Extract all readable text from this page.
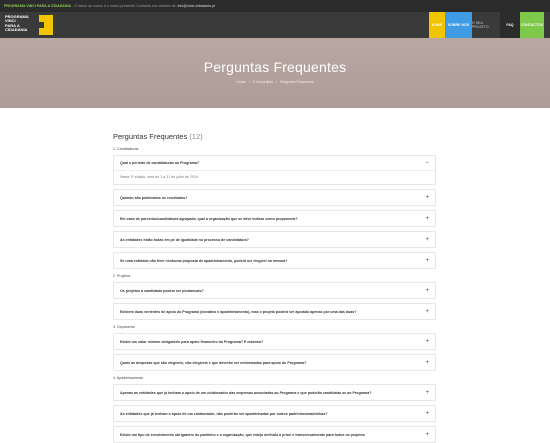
PROGRAMA VINCI PARA A CIDADANIA - O futuro do nosso é o nosso presente! Contacte-nos através de: info@vinci-cidadania.pt
PROGRAMA
VINCI
PARA A
CIDADANIA
HOME	SOBRE NÓS O SEU PROJETO	FAQ	CONTACTOS
Perguntas Frequentes
Home › O seu projeto › Perguntas Frequentes
Perguntas Frequentes (12)
1. Candidaturas
Qual o período de candidaturas ao Programa?	−
Nesta 1ª edição, será de 1 a 31 de julho de 2019.
Quando são publicados os resultados?	+
Em caso de parcerias/candidatura agrupada, qual a organização que se deve indicar como proponente?	+
As entidades estão todas em pé de igualdade no processo de candidatura?	+
Se uma entidade não tiver nenhuma proposta de apadrinhamento, poderá ser elegível na mesma?	+
2. Projetos
Os projetos a candidatar podem ser plurianuais?	+
Existem duas vertentes de apoio do Programa (donativo e apadrinhamento), mas o projeto poderá ser apoiado apenas por uma das duas?	+
3. Orçamento
Existe um valor mínimo obrigatório para apoio financeiro do Programa? E máximo?	+
Quais as despesas que são elegíveis, não elegíveis e que deverão ser minimizadas para apoio do Programa?	+
4. Apadrinhamento
Apenas as entidades que já tenham o apoio de um colaborador das empresas associadas ao Programa é que poderão candidatar-se ao Programa?	+
As entidades que já tenham o apoio de um colaborador, não poderão ser apadrinhadas por outros padrinhos/madrinhas?	+
Existe um tipo de envolvimento obrigatório do padrinho e a organização, que esteja definido à priori e transversalmente para todos os projetos	+
